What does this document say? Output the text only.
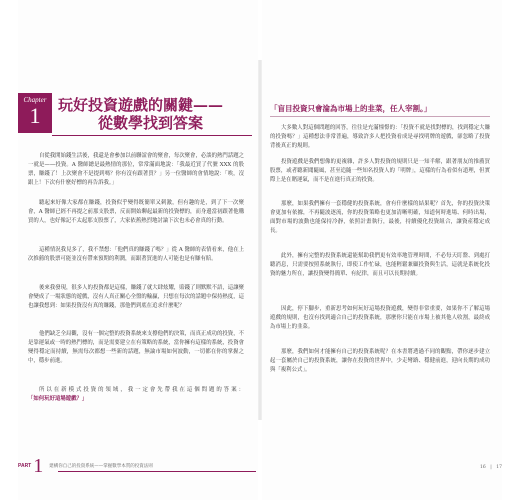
Chapter
1	玩好投資遊戲的關鍵——
從數學找到答案

自從我開始錢生活後，我還是會參加以前聯誼會的聚會，每次聚會，必談的熱門話題之一就是——投資。A 醫師總是最熱情的那位，常常滿面地說：「我最近買了代號 XXX 的股票，賺錢了！上次聚會不是提到嗎？你有沒有跟著買？」另一位醫師的會情地說：「唉，沒跟上！下次有什麼好標的再告訴我。」

聽起來好像大家都在賺錢，投資似乎變得既簡單又刺激，但有趣的是，到了下一次聚會，A 醫師已經不再提之前那支股票，反而開始聊起最新的投資標的，而身邊當初跟著他購買的人，也好像記不太起那支股票了，大家依舊熱烈地討論下次也未必會真的行動。

這種情況我見多了，我不禁想：「他們真的賺錢了嗎？」從 A 醫師的表情看來，他在上次推薦的股票可能並沒有帶來預期的利潤，而跟著買進的人可能也是有賺有賠。

後來我發現，很多人的投資都是這樣，賺錢了就大肆炫耀，賠錢了則默默不語，這讓聚會變成了一場狀態的遊戲，沒有人真正關心全盤的輸贏，只想在每次的話題中保持熱度，這也讓我想到：如果投資沒有真的賺錢，那他們到底在追求什麼呢？

他們缺乏全局觀，沒有一個完整的投資系統來支撐他們的決策，而真正成功的投資，不是靠運氣或一時的熱門標的，而是需要建立在有策略的系統，當你擁有這樣的系統，投資會變得穩定而持續，無需每次都想一些新的話題，無論市場如何波動，一切都在你的掌握之中，穩步前進。

所以在新模式投資的領域，我一定會先帶我在這個問題的答案：「如何玩好這場遊戲？」

「盲目投資只會淪為市場上的韭菜，任人宰割。」

大多數人對這個問題的回答，往往是充滿憧憬的：「投資不就是找對標的，找到穩定大賺的投資嗎？」這種想法非常普遍，導致許多人把投資看成是尋找明牌的遊戲，卻忽略了投資背後真正的規則。

投資遊戲是我們想像的更複雜，許多人對投資的規則只是一知半解，跟著朋友的推薦買股票，或者聽新聞隨風，甚至追隨一些知名投資人的「明牌」，這樣的行為看似有道理，但實際上是在賭運氣，而不是在進行真正的投資。

那麼，如果我們擁有一套穩健的投資系統，會有什麼樣的結果呢？首先，你的投資決策會更加有依據，不再隨波逐流，你的投資策略也更加清晰明確，知道何時進場、何時出場，面對市場的波動也能保持冷靜，依照計畫執行，最後，持續優化投資組合，讓資產穩定成長。

此外，擁有完整的投資系統還能幫助我們更有效率地管理時間，不必每天盯盤、到處打聽消息，只需要按照系統執行，即使工作忙碌，也能輕鬆兼顧投資與生活，這就是系統化投資的魅力所在，讓投資變得簡單、有紀律，而且可以長期持續。

因此，停下腳步，重新思考如何玩好這場投資遊戲，變得非常重要，如果你不了解這場遊戲的規則，也沒有找到適合自己的投資系統，那麼你只能在市場上被其他人收割，最終成為市場上的韭菜。

那麼，我們如何才能擁有自己的投資系統呢？在本書將透過不同的觀點，帶你逐步建立起一套屬於自己的投資系統，讓你在投資的世界中，少走彎路、穩健前進，迎向長期的成功與「複利公式」。

PART 1 建構你自己的投資系統——掌握數學本質的投資法則	16　|　17
